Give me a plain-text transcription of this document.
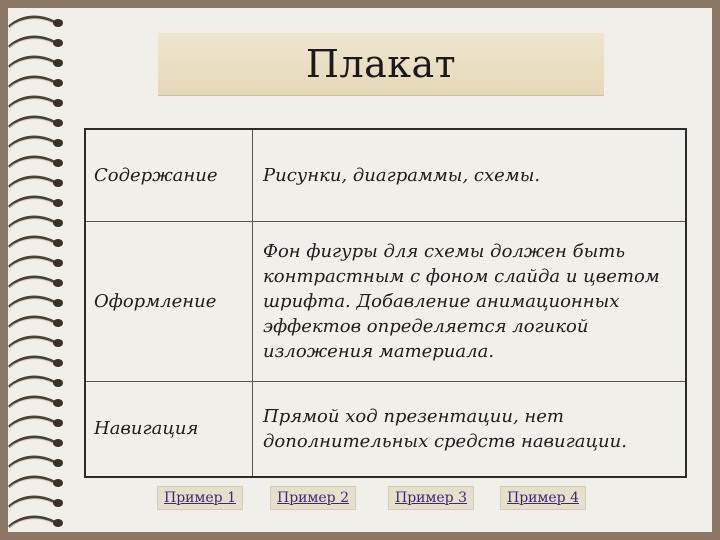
Плакат
Содержание	Рисунки, диаграммы, схемы.
Оформление	Фон фигуры для схемы должен быть контрастным с фоном слайда и цветом шрифта. Добавление анимационных эффектов определяется логикой изложения материала.
Навигация	Прямой ход презентации, нет дополнительных средств навигации.
Пример 1	Пример 2	Пример 3	Пример 4
